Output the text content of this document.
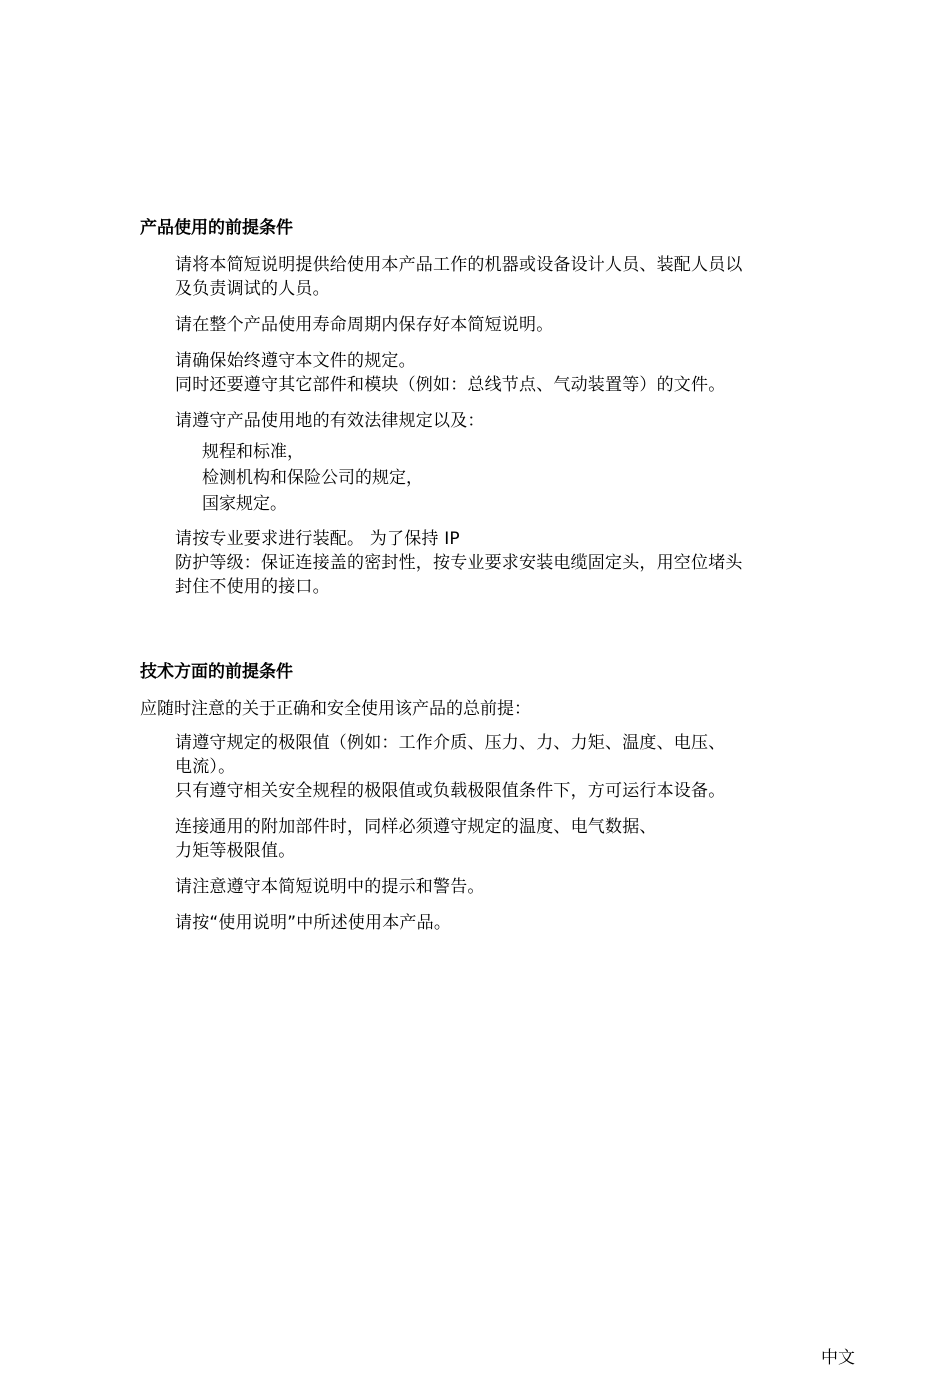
产品使用的前提条件

请将本简短说明提供给使用本产品工作的机器或设备设计人员、装配人员以
及负责调试的人员。

请在整个产品使用寿命周期内保存好本简短说明。

请确保始终遵守本文件的规定。
同时还要遵守其它部件和模块（例如：总线节点、气动装置等）的文件。

请遵守产品使用地的有效法律规定以及：

规程和标准，
检测机构和保险公司的规定，
国家规定。

请按专业要求进行装配。 为了保持 IP
防护等级：保证连接盖的密封性，按专业要求安装电缆固定头，用空位堵头
封住不使用的接口。

技术方面的前提条件

应随时注意的关于正确和安全使用该产品的总前提：

请遵守规定的极限值（例如：工作介质、压力、力、力矩、温度、电压、
电流）。
只有遵守相关安全规程的极限值或负载极限值条件下，方可运行本设备。

连接通用的附加部件时，同样必须遵守规定的温度、电气数据、
力矩等极限值。

请注意遵守本简短说明中的提示和警告。

请按“使用说明”中所述使用本产品。

中文
